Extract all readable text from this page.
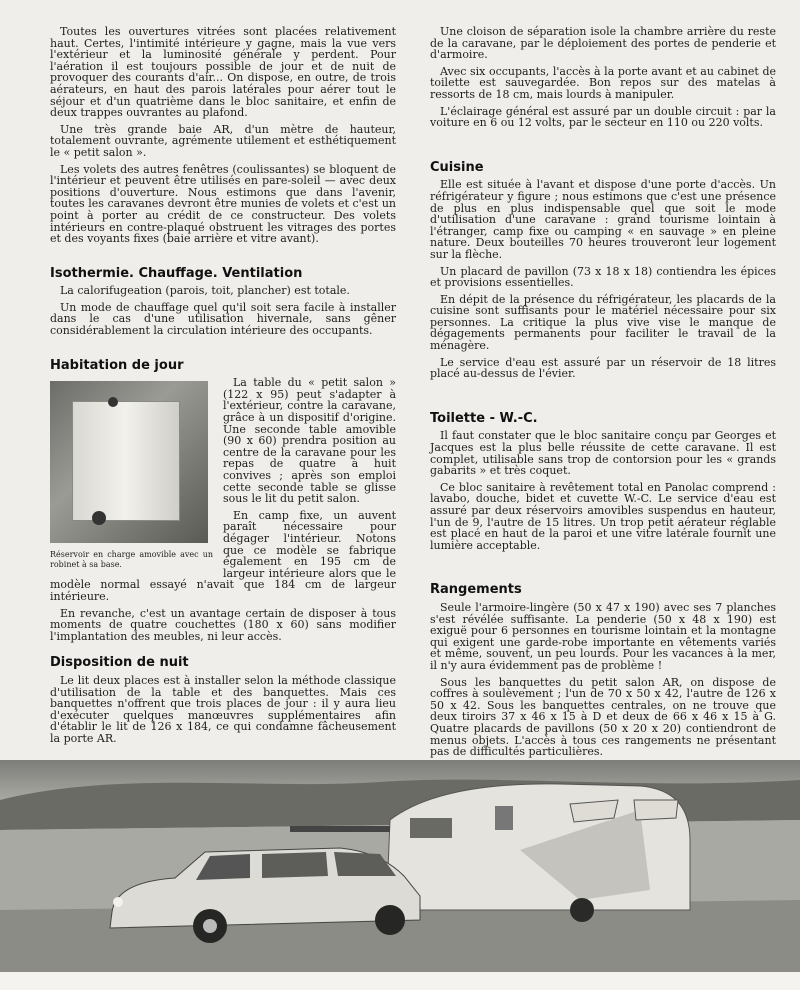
Toutes les ouvertures vitrées sont placées relativement haut. Certes, l'intimité intérieure y gagne, mais la vue vers l'extérieur et la luminosité générale y perdent. Pour l'aération il est toujours possible de jour et de nuit de provoquer des courants d'air... On dispose, en outre, de trois aérateurs, en haut des parois latérales pour aérer tout le séjour et d'un quatrième dans le bloc sanitaire, et enfin de deux trappes ouvrantes au plafond.

Une très grande baie AR, d'un mètre de hauteur, totalement ouvrante, agrémente utilement et esthétiquement le « petit salon ».

Les volets des autres fenêtres (coulissantes) se bloquent de l'intérieur et peuvent être utilisés en pare-soleil — avec deux positions d'ouverture. Nous estimons que dans l'avenir, toutes les caravanes devront être munies de volets et c'est un point à porter au crédit de ce constructeur. Des volets intérieurs en contre-plaqué obstruent les vitrages des portes et des voyants fixes (baie arrière et vitre avant).

Isothermie. Chauffage. Ventilation

La calorifugeation (parois, toit, plancher) est totale.

Un mode de chauffage quel qu'il soit sera facile à installer dans le cas d'une utilisation hivernale, sans gêner considérablement la circulation intérieure des occupants.

Habitation de jour

Réservoir en charge amovible avec un robinet à sa base.

La table du « petit salon » (122 x 95) peut s'adapter à l'extérieur, contre la caravane, grâce à un dispositif d'origine. Une seconde table amovible (90 x 60) prendra position au centre de la caravane pour les repas de quatre à huit convives ; après son emploi cette seconde table se glisse sous le lit du petit salon.

En camp fixe, un auvent paraît nécessaire pour dégager l'intérieur. Notons que ce modèle se fabrique également en 195 cm de largeur intérieure alors que le modèle normal essayé n'avait que 184 cm de largeur intérieure.

En revanche, c'est un avantage certain de disposer à tous moments de quatre couchettes (180 x 60) sans modifier l'implantation des meubles, ni leur accès.

Disposition de nuit

Le lit deux places est à installer selon la méthode classique d'utilisation de la table et des banquettes. Mais ces banquettes n'offrent que trois places de jour : il y aura lieu d'exécuter quelques manœuvres supplémentaires afin d'établir le lit de 126 x 184, ce qui condamne fâcheusement la porte AR.

Une cloison de séparation isole la chambre arrière du reste de la caravane, par le déploiement des portes de penderie et d'armoire.

Avec six occupants, l'accès à la porte avant et au cabinet de toilette est sauvegardée. Bon repos sur des matelas à ressorts de 18 cm, mais lourds à manipuler.

L'éclairage général est assuré par un double circuit : par la voiture en 6 ou 12 volts, par le secteur en 110 ou 220 volts.

Cuisine

Elle est située à l'avant et dispose d'une porte d'accès. Un réfrigérateur y figure ; nous estimons que c'est une présence de plus en plus indispensable quel que soit le mode d'utilisation d'une caravane : grand tourisme lointain à l'étranger, camp fixe ou camping « en sauvage » en pleine nature. Deux bouteilles 70 heures trouveront leur logement sur la flèche.

Un placard de pavillon (73 x 18 x 18) contiendra les épices et provisions essentielles.

En dépit de la présence du réfrigérateur, les placards de la cuisine sont suffisants pour le matériel nécessaire pour six personnes. La critique la plus vive vise le manque de dégagements permanents pour faciliter le travail de la ménagère.

Le service d'eau est assuré par un réservoir de 18 litres placé au-dessus de l'évier.

Toilette - W.-C.

Il faut constater que le bloc sanitaire conçu par Georges et Jacques est la plus belle réussite de cette caravane. Il est complet, utilisable sans trop de contorsion pour les « grands gabarits » et très coquet.

Ce bloc sanitaire à revêtement total en Panolac comprend : lavabo, douche, bidet et cuvette W.-C. Le service d'eau est assuré par deux réservoirs amovibles suspendus en hauteur, l'un de 9, l'autre de 15 litres. Un trop petit aérateur réglable est placé en haut de la paroi et une vitre latérale fournit une lumière acceptable.

Rangements

Seule l'armoire-lingère (50 x 47 x 190) avec ses 7 planches s'est révélée suffisante. La penderie (50 x 48 x 190) est exiguë pour 6 personnes en tourisme lointain et la montagne qui exigent une garde-robe importante en vêtements variés et même, souvent, un peu lourds. Pour les vacances à la mer, il n'y aura évidemment pas de problème !

Sous les banquettes du petit salon AR, on dispose de coffres à soulèvement ; l'un de 70 x 50 x 42, l'autre de 126 x 50 x 42. Sous les banquettes centrales, on ne trouve que deux tiroirs 37 x 46 x 15 à D et deux de 66 x 46 x 15 à G. Quatre placards de pavillons (50 x 20 x 20) contiendront de menus objets. L'accès à tous ces rangements ne présentant pas de difficultés particulières.
